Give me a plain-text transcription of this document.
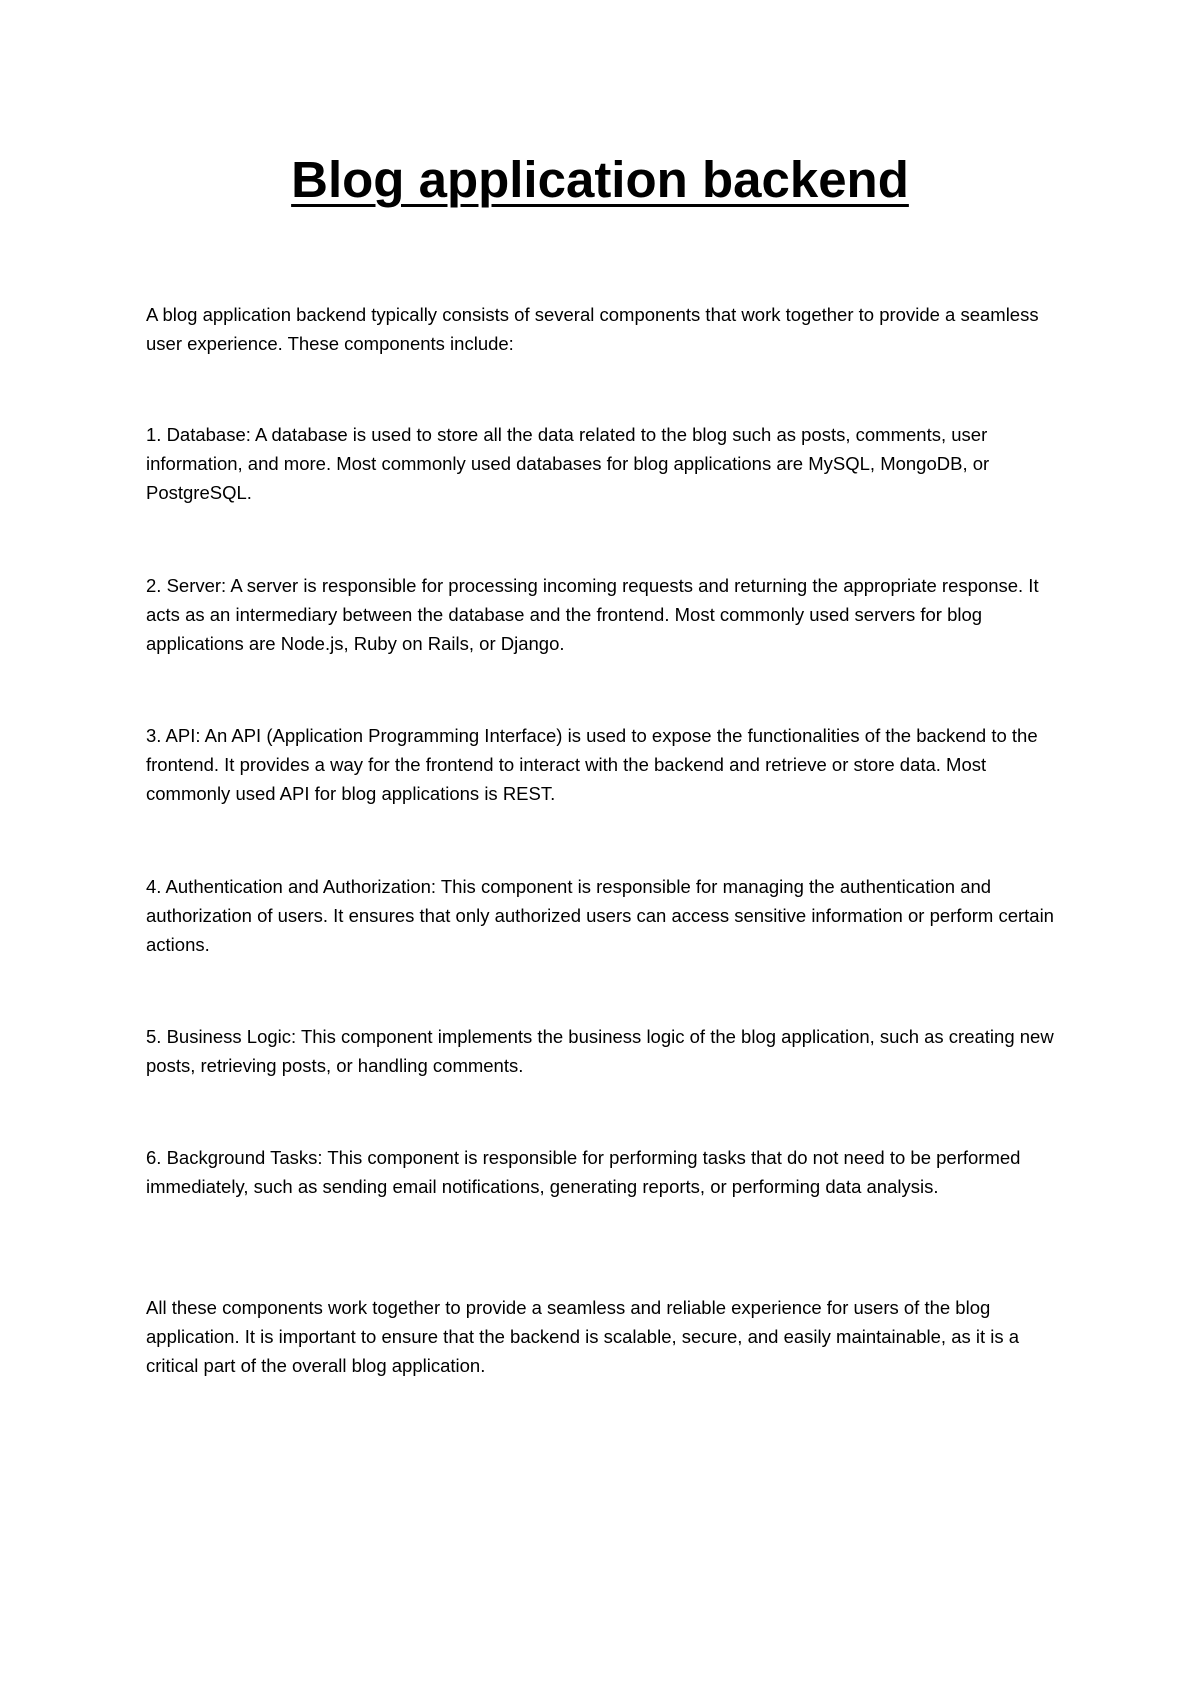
Blog application backend

A blog application backend typically consists of several components that work together to provide a seamless user experience. These components include:

1. Database: A database is used to store all the data related to the blog such as posts, comments, user information, and more. Most commonly used databases for blog applications are MySQL, MongoDB, or PostgreSQL.

2. Server: A server is responsible for processing incoming requests and returning the appropriate response. It acts as an intermediary between the database and the frontend. Most commonly used servers for blog applications are Node.js, Ruby on Rails, or Django.

3. API: An API (Application Programming Interface) is used to expose the functionalities of the backend to the frontend. It provides a way for the frontend to interact with the backend and retrieve or store data. Most commonly used API for blog applications is REST.

4. Authentication and Authorization: This component is responsible for managing the authentication and authorization of users. It ensures that only authorized users can access sensitive information or perform certain actions.

5. Business Logic: This component implements the business logic of the blog application, such as creating new posts, retrieving posts, or handling comments.

6. Background Tasks: This component is responsible for performing tasks that do not need to be performed immediately, such as sending email notifications, generating reports, or performing data analysis.

All these components work together to provide a seamless and reliable experience for users of the blog application. It is important to ensure that the backend is scalable, secure, and easily maintainable, as it is a critical part of the overall blog application.
